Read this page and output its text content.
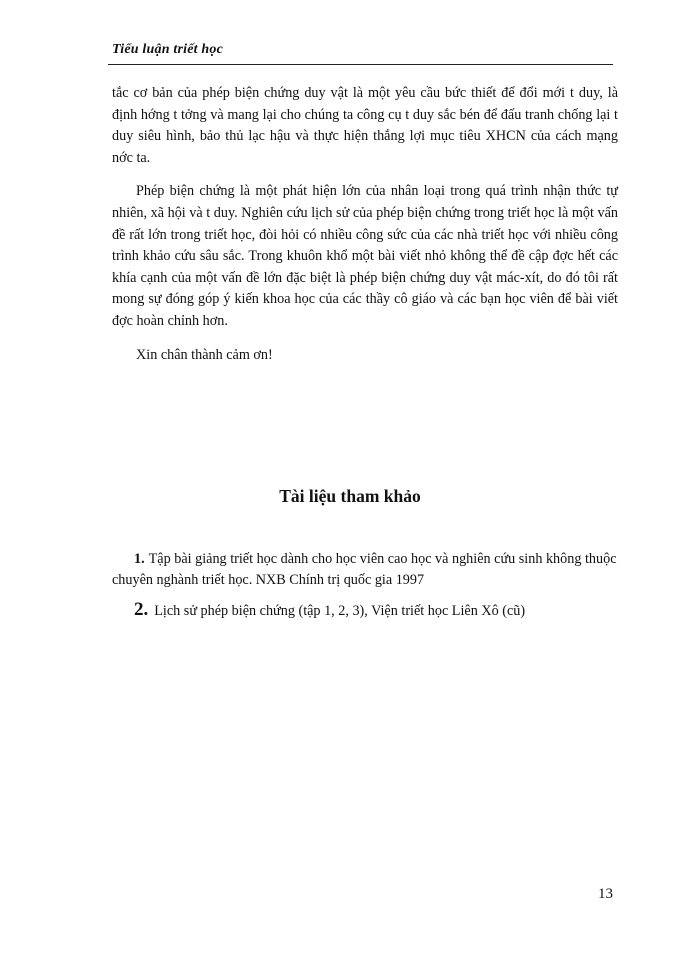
Tiểu luận triết học

tắc cơ bản của phép biện chứng duy vật là một yêu cầu bức thiết để đổi mới t duy, là định hớng t tởng và mang lại cho chúng ta công cụ t duy sắc bén để đấu tranh chống lại t duy siêu hình, bảo thủ lạc hậu và thực hiện thắng lợi mục tiêu XHCN của cách mạng nớc ta.

Phép biện chứng là một phát hiện lớn của nhân loại trong quá trình nhận thức tự nhiên, xã hội và t duy. Nghiên cứu lịch sử của phép biện chứng trong triết học là một vấn đề rất lớn trong triết học, đòi hỏi có nhiều công sức của các nhà triết học với nhiều công trình khảo cứu sâu sắc. Trong khuôn khổ một bài viết nhỏ không thể đề cập đợc hết các khía cạnh của một vấn đề lớn đặc biệt là phép biện chứng duy vật mác-xít, do đó tôi rất mong sự đóng góp ý kiến khoa học của các thầy cô giáo và các bạn học viên để bài viết đợc hoàn chỉnh hơn.

Xin chân thành cảm ơn!

Tài liệu tham khảo
1. Tập bài giảng triết học dành cho học viên cao học và nghiên cứu sinh không thuộc chuyên nghành triết học. NXB Chính trị quốc gia 1997
2. Lịch sử phép biện chứng (tập 1, 2, 3), Viện triết học Liên Xô (cũ)
13
